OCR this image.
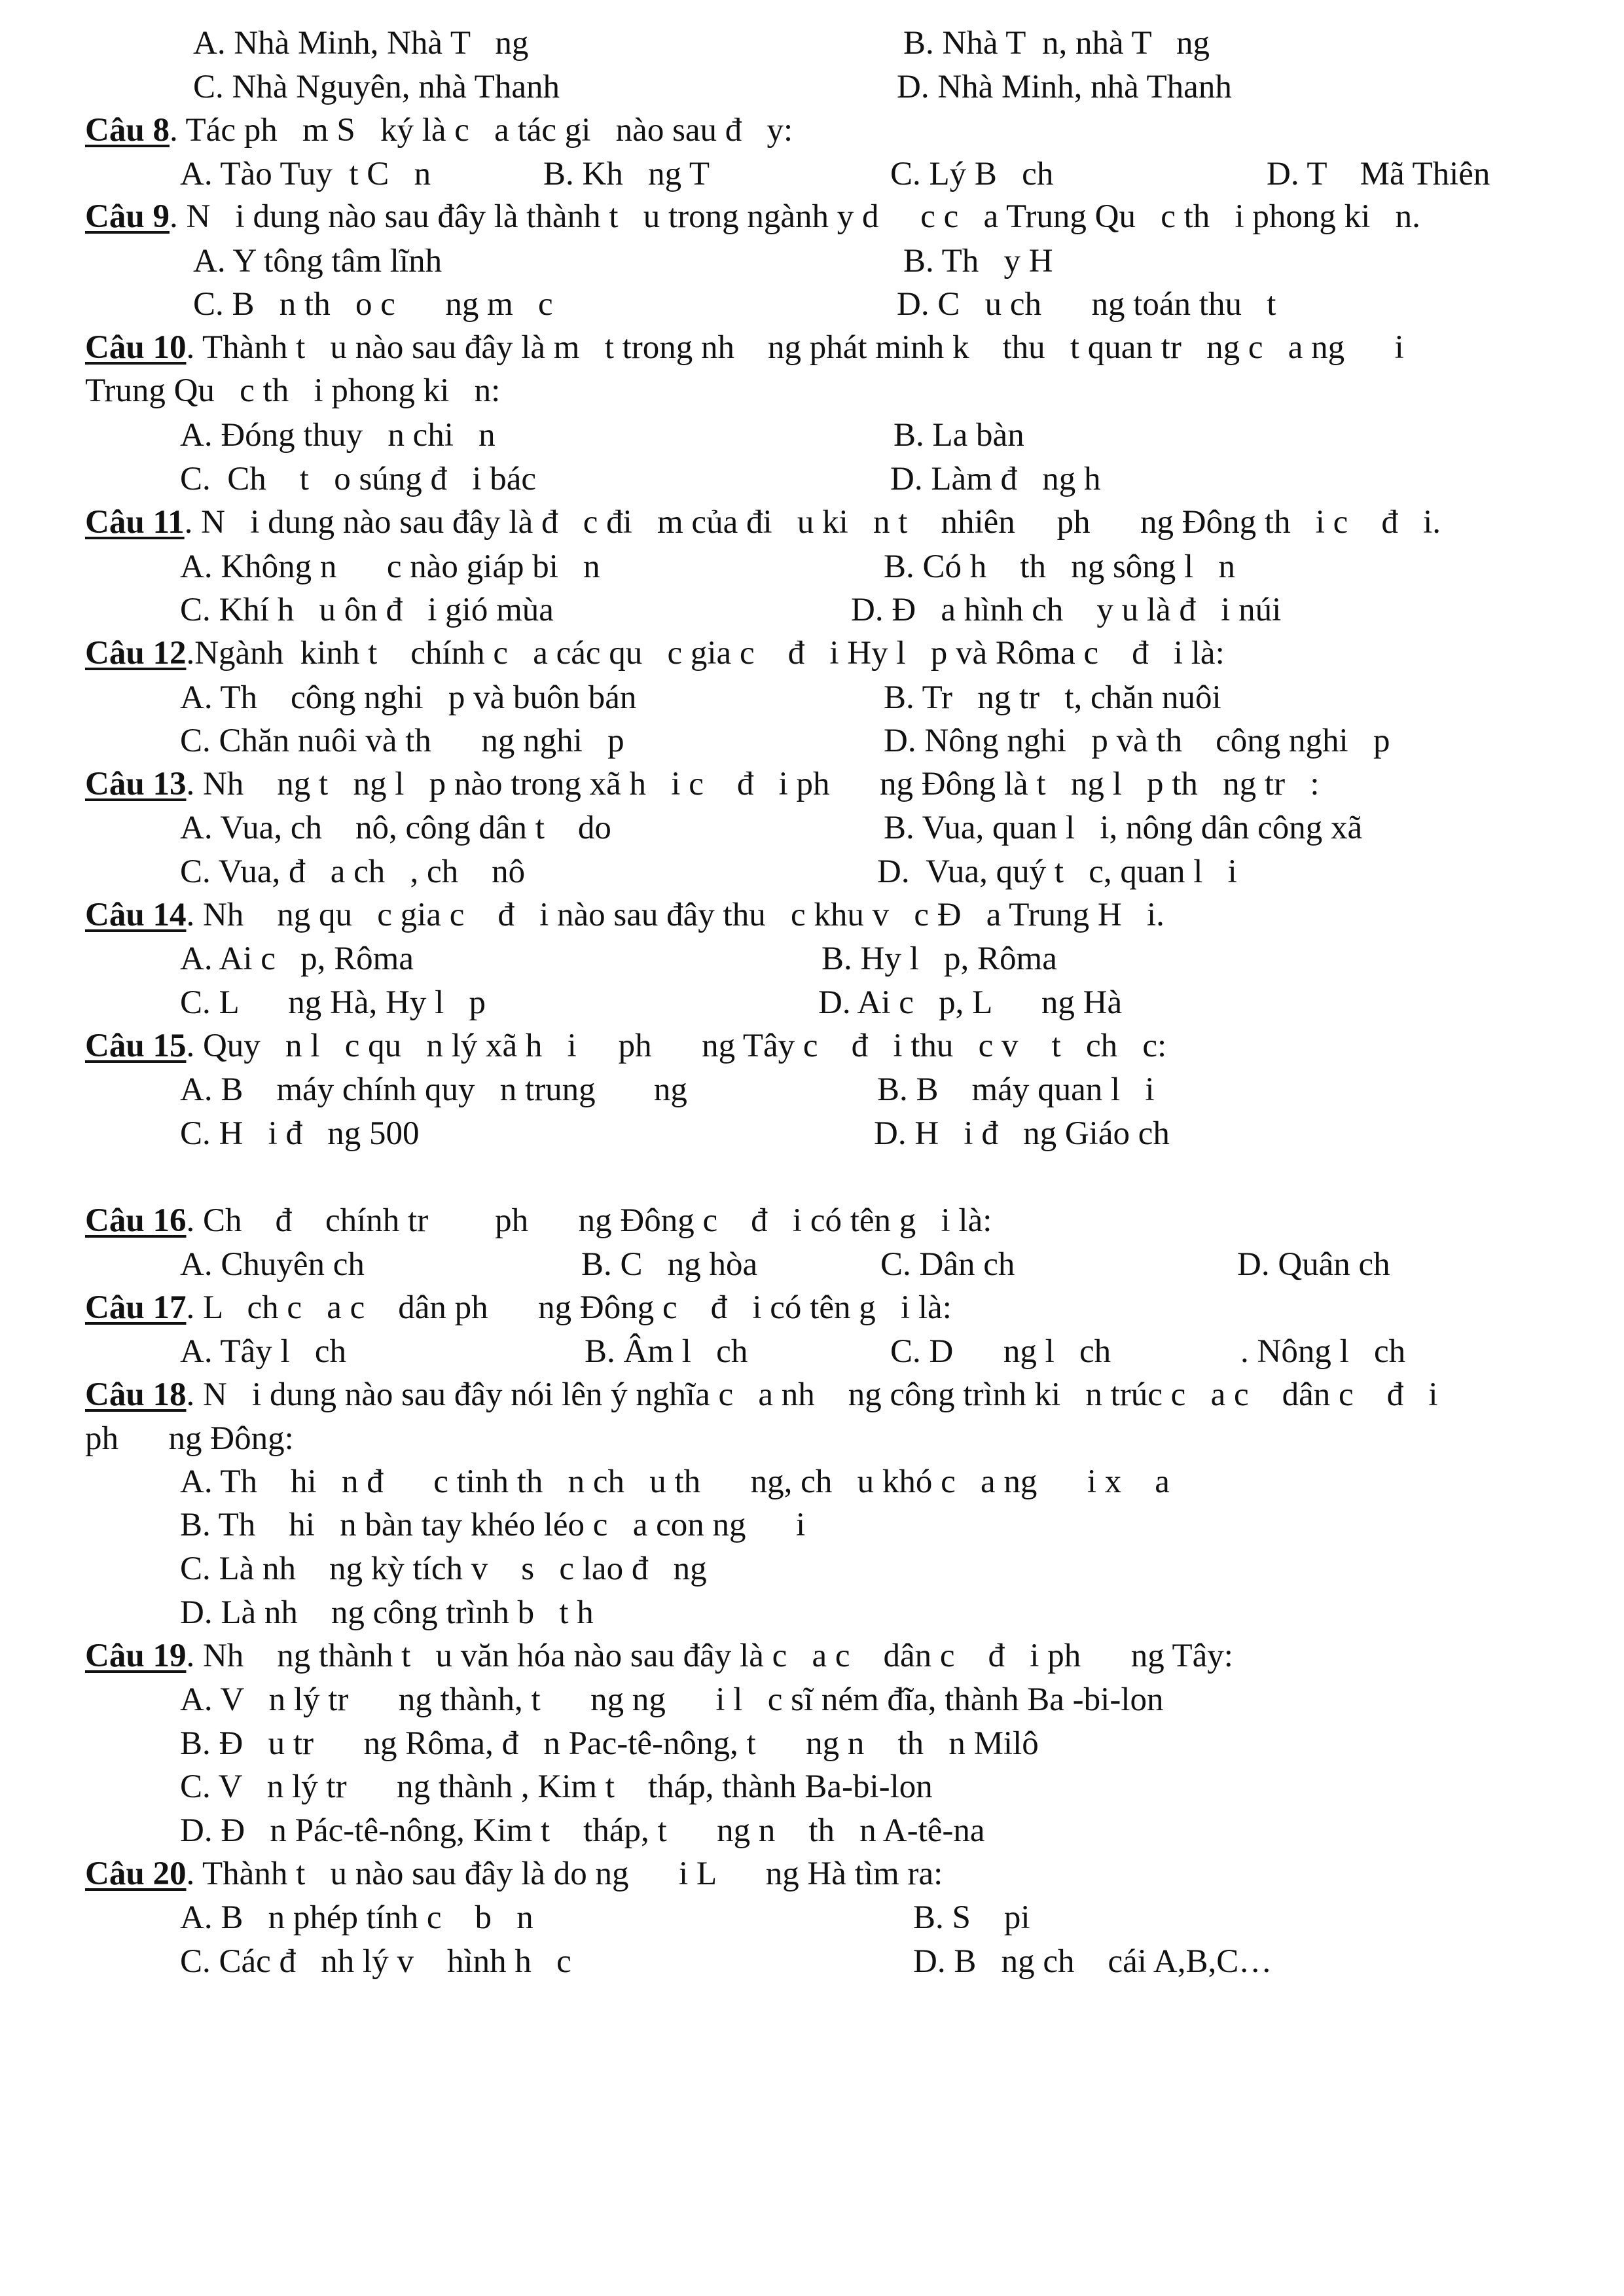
A. Nhà Minh, Nhà T   ng	B. Nhà T  n, nhà T   ng
C. Nhà Nguyên, nhà Thanh	D. Nhà Minh, nhà Thanh
Câu 8. Tác ph   m S   ký là c   a tác gi   nào sau đ   y:
A. Tào Tuy  t C   n	B. Kh   ng T	C. Lý B   ch	D. T    Mã Thiên
Câu 9. N   i dung nào sau đây là thành t   u trong ngành y d     c c   a Trung Qu   c th   i phong ki   n.
A. Y tông tâm lĩnh	B. Th   y H
C. B   n th   o c      ng m   c	D. C   u ch      ng toán thu   t
Câu 10. Thành t   u nào sau đây là m   t trong nh    ng phát minh k    thu   t quan tr   ng c   a ng      i
Trung Qu   c th   i phong ki   n:
A. Đóng thuy   n chi   n	B. La bàn
C.  Ch    t   o súng đ   i bác	D. Làm đ   ng h
Câu 11. N   i dung nào sau đây là đ   c đi   m của đi   u ki   n t    nhiên     ph      ng Đông th   i c    đ   i.
A. Không n      c nào giáp bi   n	B. Có h    th   ng sông l   n
C. Khí h   u ôn đ   i gió mùa	D. Đ   a hình ch    y u là đ   i núi
Câu 12.Ngành  kinh t    chính c   a các qu   c gia c    đ   i Hy l   p và Rôma c    đ   i là:
A. Th    công nghi   p và buôn bán	B. Tr   ng tr   t, chăn nuôi
C. Chăn nuôi và th      ng nghi   p	D. Nông nghi   p và th    công nghi   p
Câu 13. Nh    ng t   ng l   p nào trong xã h   i c    đ   i ph      ng Đông là t   ng l   p th   ng tr   :
A. Vua, ch    nô, công dân t    do	B. Vua, quan l   i, nông dân công xã
C. Vua, đ   a ch   , ch    nô	D.  Vua, quý t   c, quan l   i
Câu 14. Nh    ng qu   c gia c    đ   i nào sau đây thu   c khu v   c Đ   a Trung H   i.
A. Ai c   p, Rôma	B. Hy l   p, Rôma
C. L      ng Hà, Hy l   p	D. Ai c   p, L      ng Hà
Câu 15. Quy   n l   c qu   n lý xã h   i     ph      ng Tây c    đ   i thu   c v    t   ch   c:
A. B    máy chính quy   n trung       ng	B. B    máy quan l   i
C. H   i đ   ng 500	D. H   i đ   ng Giáo ch
Câu 16. Ch    đ    chính tr        ph      ng Đông c    đ   i có tên g   i là:
A. Chuyên ch	B. C   ng hòa	C. Dân ch	D. Quân ch
Câu 17. L   ch c   a c    dân ph      ng Đông c    đ   i có tên g   i là:
A. Tây l   ch	B. Âm l   ch	C. D      ng l   ch	. Nông l   ch
Câu 18. N   i dung nào sau đây nói lên ý nghĩa c   a nh    ng công trình ki   n trúc c   a c    dân c    đ   i
ph      ng Đông:
A. Th    hi   n đ      c tinh th   n ch   u th      ng, ch   u khó c   a ng      i x    a
B. Th    hi   n bàn tay khéo léo c   a con ng      i
C. Là nh    ng kỳ tích v    s   c lao đ   ng
D. Là nh    ng công trình b   t h
Câu 19. Nh    ng thành t   u văn hóa nào sau đây là c   a c    dân c    đ   i ph      ng Tây:
A. V   n lý tr      ng thành, t      ng ng      i l   c sĩ ném đĩa, thành Ba -bi-lon
B. Đ   u tr      ng Rôma, đ   n Pac-tê-nông, t      ng n    th   n Milô
C. V   n lý tr      ng thành , Kim t    tháp, thành Ba-bi-lon
D. Đ   n Pác-tê-nông, Kim t    tháp, t      ng n    th   n A-tê-na
Câu 20. Thành t   u nào sau đây là do ng      i L      ng Hà tìm ra:
A. B   n phép tính c    b   n	B. S    pi
C. Các đ   nh lý v    hình h   c	D. B   ng ch    cái A,B,C…
